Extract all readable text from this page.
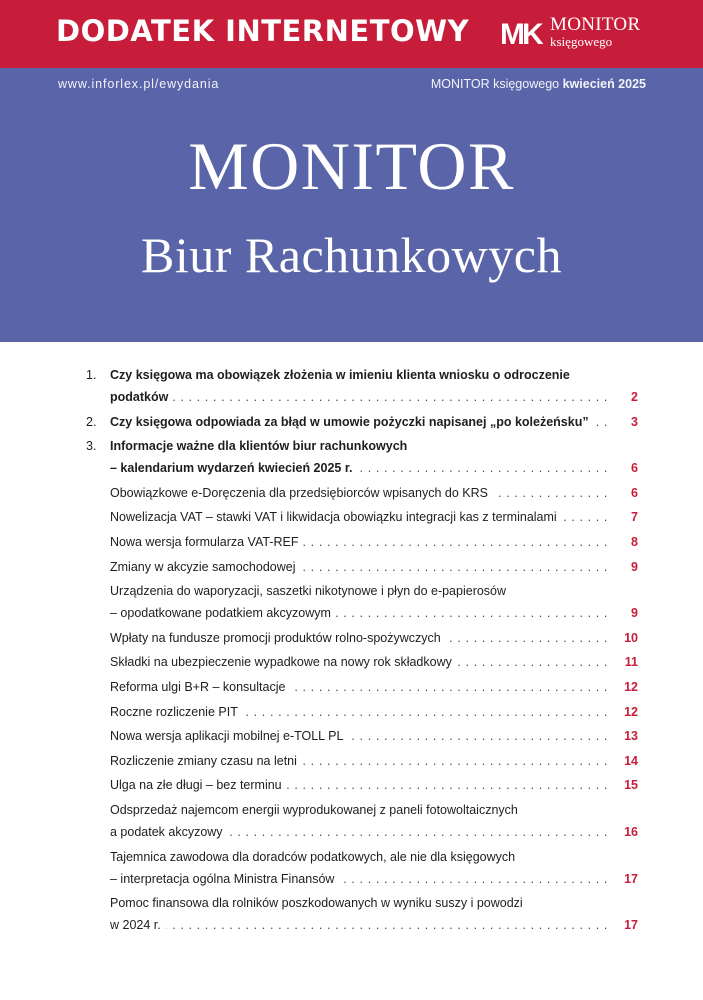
DODATEK INTERNETOWY MK MONITOR
księgowego
www.inforlex.pl/ewydania	MONITOR księgowego kwiecień 2025
MONITOR
Biur Rachunkowych
1. Czy księgowa ma obowiązek złożenia w imieniu klienta wniosku o odroczenie
podatków . . .	2
2. Czy księgowa odpowiada za błąd w umowie pożyczki napisanej „po koleżeńsku” . . .	3
3. Informacje ważne dla klientów biur rachunkowych
– kalendarium wydarzeń kwiecień 2025 r. . . .	6
Obowiązkowe e-Doręczenia dla przedsiębiorców wpisanych do KRS . . .	6
Nowelizacja VAT – stawki VAT i likwidacja obowiązku integracji kas z terminalami . . .	7
Nowa wersja formularza VAT-REF . . .	8
Zmiany w akcyzie samochodowej . . .	9
Urządzenia do waporyzacji, saszetki nikotynowe i płyn do e-papierosów
– opodatkowane podatkiem akcyzowym . . .	9
Wpłaty na fundusze promocji produktów rolno-spożywczych . . .	10
Składki na ubezpieczenie wypadkowe na nowy rok składkowy . . .	11
Reforma ulgi B+R – konsultacje . . .	12
Roczne rozliczenie PIT . . .	12
Nowa wersja aplikacji mobilnej e-TOLL PL . . .	13
Rozliczenie zmiany czasu na letni . . .	14
Ulga na złe długi – bez terminu . . .	15
Odsprzedaż najemcom energii wyprodukowanej z paneli fotowoltaicznych
a podatek akcyzowy . . .	16
Tajemnica zawodowa dla doradców podatkowych, ale nie dla księgowych
– interpretacja ogólna Ministra Finansów . . .	17
Pomoc finansowa dla rolników poszkodowanych w wyniku suszy i powodzi
w 2024 r. . . .	17
